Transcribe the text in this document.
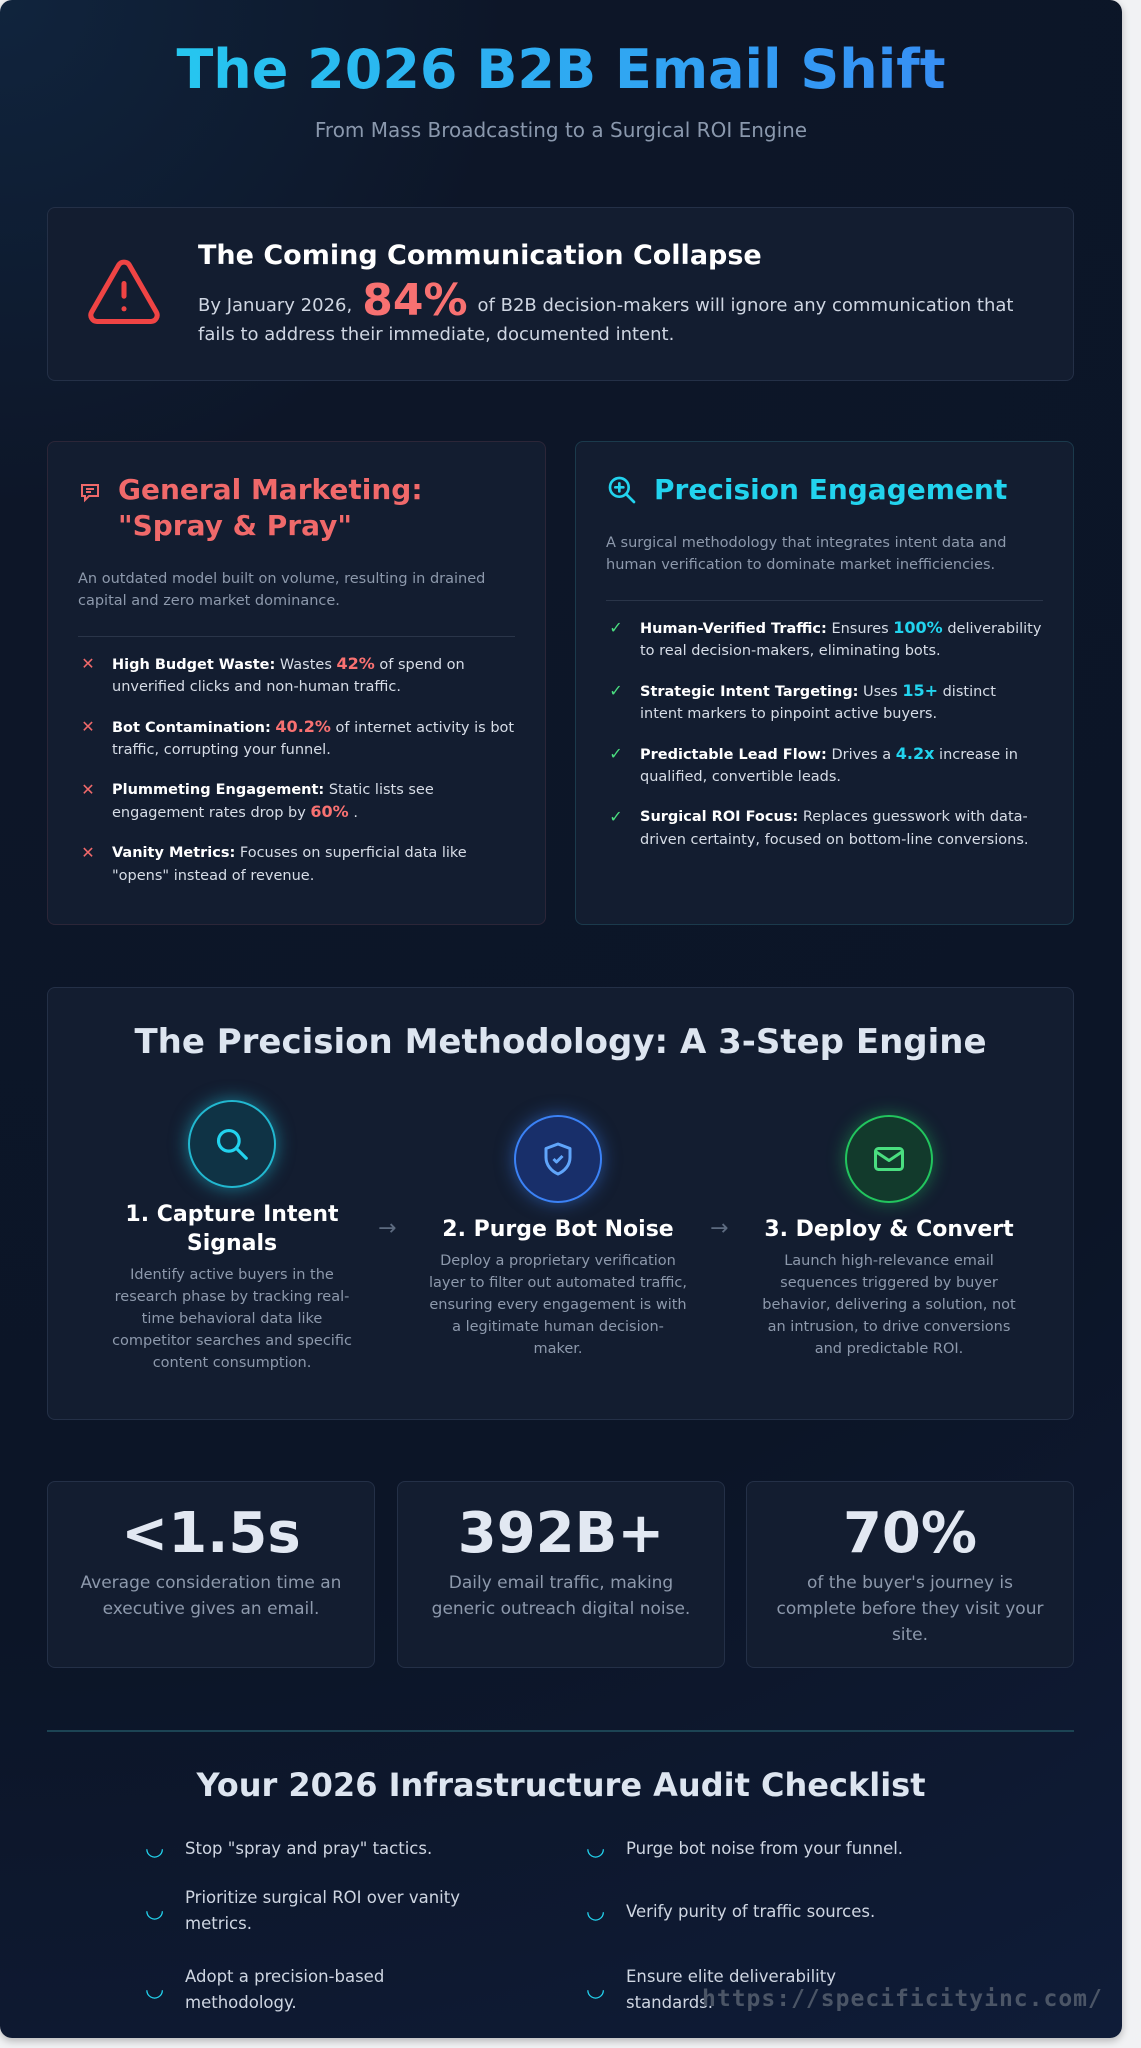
The 2026 B2B Email Shift
From Mass Broadcasting to a Surgical ROI Engine
The Coming Communication Collapse

By January 2026, 84% of B2B decision-makers will ignore any communication that fails to address their immediate, documented intent.

General Marketing: "Spray & Pray"

An outdated model built on volume, resulting in drained capital and zero market dominance.

✕ High Budget Waste: Wastes 42% of spend on unverified clicks and non-human traffic.
✕ Bot Contamination: 40.2% of internet activity is bot traffic, corrupting your funnel.
✕ Plummeting Engagement: Static lists see engagement rates drop by 60% .
✕ Vanity Metrics: Focuses on superficial data like "opens" instead of revenue.
Precision Engagement

A surgical methodology that integrates intent data and human verification to dominate market inefficiencies.

✓ Human-Verified Traffic: Ensures 100% deliverability to real decision-makers, eliminating bots.
✓ Strategic Intent Targeting: Uses 15+ distinct intent markers to pinpoint active buyers.
✓ Predictable Lead Flow: Drives a 4.2x increase in qualified, convertible leads.
✓ Surgical ROI Focus: Replaces guesswork with data-driven certainty, focused on bottom-line conversions.
The Precision Methodology: A 3-Step Engine
1. Capture Intent Signals

Identify active buyers in the research phase by tracking real-time behavioral data like competitor searches and specific content consumption.

→	2. Purge Bot Noise

Deploy a proprietary verification layer to filter out automated traffic, ensuring every engagement is with a legitimate human decision-maker.

→ 3. Deploy & Convert

Launch high-relevance email sequences triggered by buyer behavior, delivering a solution, not an intrusion, to drive conversions and predictable ROI.

<1.5s

Average consideration time an executive gives an email.

392B+

Daily email traffic, making generic outreach digital noise.

70%

of the buyer's journey is complete before they visit your site.

Your 2026 Infrastructure Audit Checklist
◡ Stop "spray and pray" tactics.	◡ Purge bot noise from your funnel.
◡
Prioritize surgical ROI over vanity metrics.	◡ Verify purity of traffic sources.
◡
Adopt a precision-based methodology.
◡
Ensure elite deliverability standards.
https://specificityinc.com/
